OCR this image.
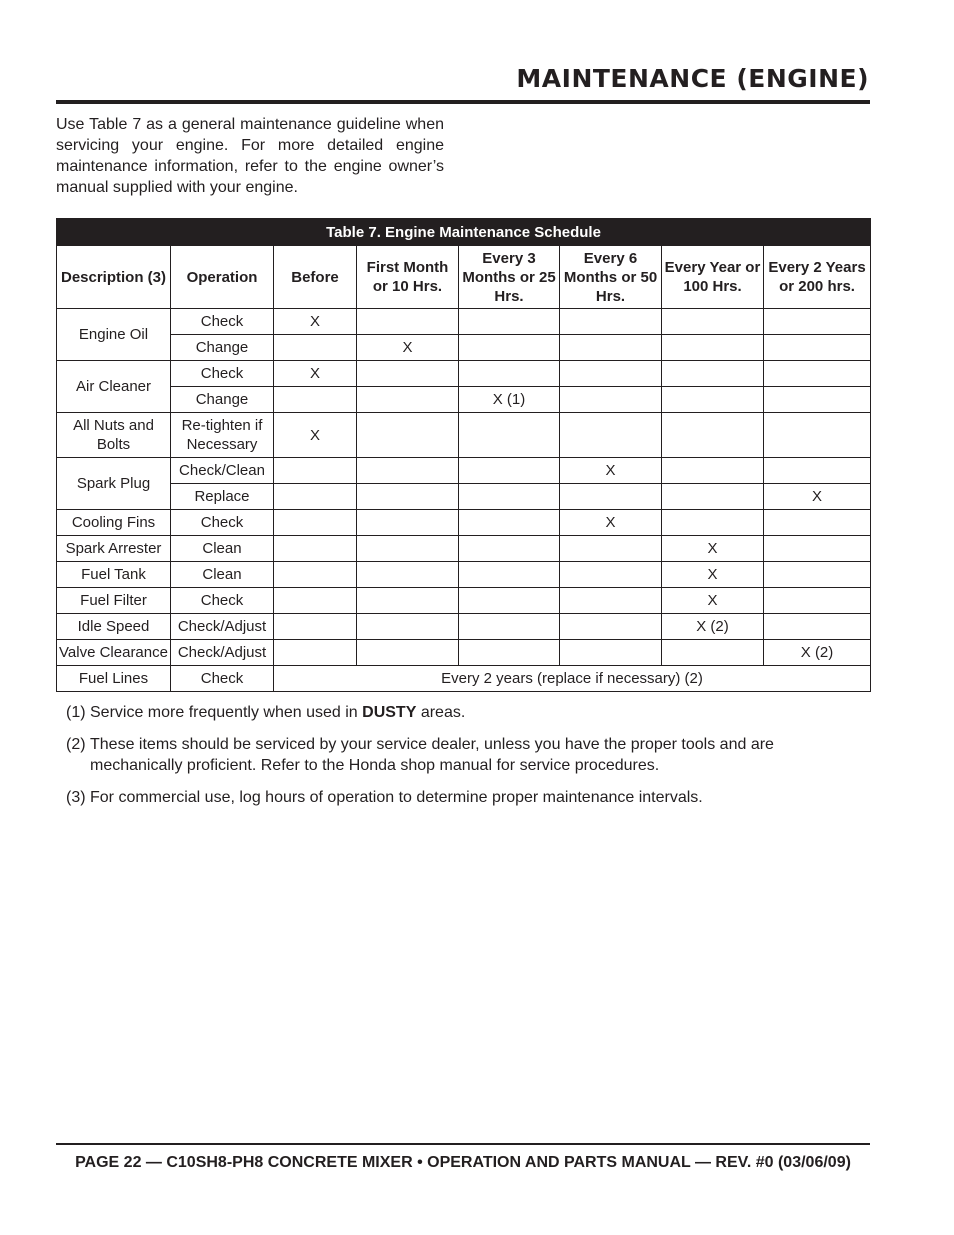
MAINTENANCE (ENGINE)
Use Table 7 as a general maintenance guideline when servicing your engine. For more detailed engine maintenance information, refer to the engine owner’s manual supplied with your engine.
Table 7. Engine Maintenance Schedule							
Description (3)	Operation	Before	First Month or 10 Hrs.	Every 3 Months or 25 Hrs.	Every 6 Months or 50 Hrs.	Every Year or 100 Hrs.	Every 2 Years or 200 hrs.
Engine Oil	Check	X					
	Change		X				
Air Cleaner	Check	X					
	Change			X (1)			
All Nuts and Bolts	Re-tighten if Necessary	X					
Spark Plug	Check/Clean				X		
	Replace						X
Cooling Fins	Check				X		
Spark Arrester	Clean					X	
Fuel Tank	Clean					X	
Fuel Filter	Check					X	
Idle Speed	Check/Adjust					X (2)	
Valve Clearance	Check/Adjust						X (2)
Fuel Lines	Check	Every 2 years (replace if necessary) (2)					
(1) Service more frequently when used in DUSTY areas.
(2) These items should be serviced by your service dealer, unless you have the proper tools and are mechanically proficient. Refer to the Honda shop manual for service procedures.
(3) For commercial use, log hours of operation to determine proper maintenance intervals.
PAGE 22 — C10SH8-PH8 CONCRETE MIXER • OPERATION AND PARTS MANUAL — REV. #0 (03/06/09)
